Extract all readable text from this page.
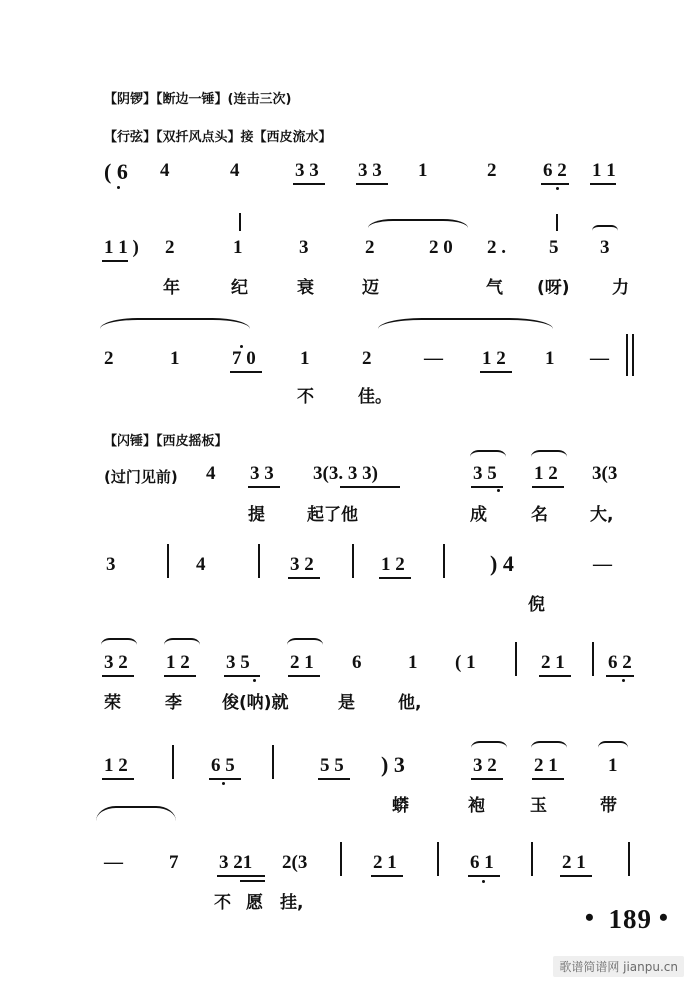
【阴锣】【断边一锤】(连击三次)
【行弦】【双扦风点头】接【西皮流水】
( 6 4	4	3 3 3 3 1	2 6 2 1 1
1 1 ) 2	1	3	2	2 0 2 . 5 3
年	纪	衰	迈	气 (呀) 力
2	1	7 0 1	2	— 1 2 1 —
不	佳。
【闪锤】【西皮摇板】
(过门见前) 4 3 3 3(3. 3 3)	3 5 1 2 3(3
提 起了他	成	名 大,
3	4	3 2	1 2	) 4	—
倪
3 2 1 2 3 5 2 1 6 1 ( 1	2 1 6 2
荣	李 俊(呐)就	是	他,
1 2	6 5	5 5 ) 3	3 2 2 1	1
蟒	袍	玉	带
— 7 3 21 2(3	2 1	6 1	2 1
不 愿 挂,
189
• •
歌谱简谱网 jianpu.cn
